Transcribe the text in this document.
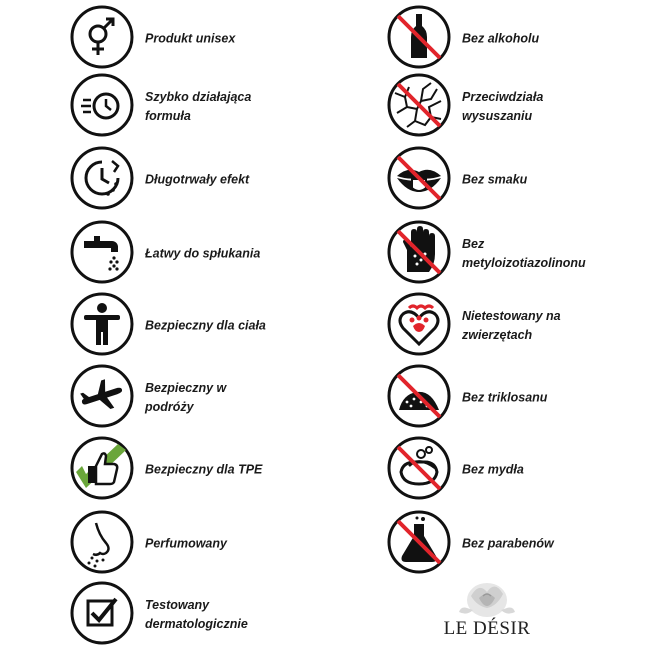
Produkt unisex
Szybko działająca
formuła
Długotrwały efekt
Łatwy do spłukania
Bezpieczny dla ciała
Bezpieczny w
podróży
Bezpieczny dla TPE
Perfumowany
Testowany
dermatologicznie
Bez alkoholu
Przeciwdziała
wysuszaniu
Bez smaku
Bez
metyloizotiazolinonu
Nietestowany na
zwierzętach
Bez triklosanu
Bez mydła
Bez parabenów
LE DÉSIR
